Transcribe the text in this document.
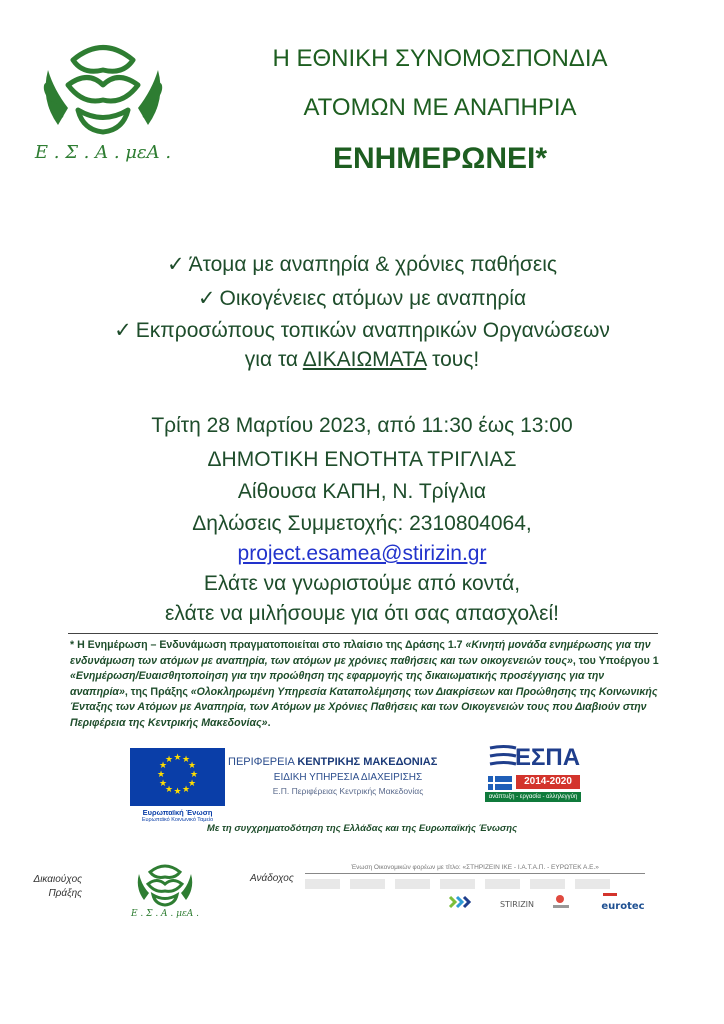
Ε . Σ . Α . μεΑ .
Η ΕΘΝΙΚΗ ΣΥΝΟΜΟΣΠΟΝΔΙΑ
ΑΤΟΜΩΝ ΜΕ ΑΝΑΠΗΡΙΑ
ΕΝΗΜΕΡΩΝΕΙ*
✓ Άτομα με αναπηρία & χρόνιες παθήσεις
✓ Οικογένειες ατόμων με αναπηρία
✓ Εκπροσώπους τοπικών αναπηρικών Οργανώσεων
για τα ΔΙΚΑΙΩΜΑΤΑ τους!
Τρίτη 28 Μαρτίου 2023, από 11:30 έως 13:00
ΔΗΜΟΤΙΚΗ ΕΝΟΤΗΤΑ ΤΡΙΓΛΙΑΣ
Αίθουσα ΚΑΠΗ, Ν. Τρίγλια
Δηλώσεις Συμμετοχής: 2310804064,
project.esamea@stirizin.gr
Ελάτε να γνωριστούμε από κοντά,
ελάτε να μιλήσουμε για ότι σας απασχολεί!
* Η Ενημέρωση – Ενδυνάμωση πραγματοποιείται στο πλαίσιο της Δράσης 1.7 «Κινητή μονάδα ενημέρωσης για την ενδυνάμωση των ατόμων με αναπηρία, των ατόμων με χρόνιες παθήσεις και των οικογενειών τους», του Υποέργου 1 «Ενημέρωση/Ευαισθητοποίηση για την προώθηση της εφαρμογής της δικαιωματικής προσέγγισης για την αναπηρία», της Πράξης «Ολοκληρωμένη Υπηρεσία Καταπολέμησης των Διακρίσεων και Προώθησης της Κοινωνικής Ένταξης των Ατόμων με Αναπηρία, των Ατόμων με Χρόνιες Παθήσεις και των Οικογενειών τους που Διαβιούν στην Περιφέρεια της Κεντρικής Μακεδονίας».
★ ★
★
★
★
★
★
★
★
★
★
★
Ευρωπαϊκή Ένωση
Ευρωπαϊκό Κοινωνικό Ταμείο
ΠΕΡΙΦΕΡΕΙΑ ΚΕΝΤΡΙΚΗΣ ΜΑΚΕΔΟΝΙΑΣ
ΕΙΔΙΚΗ ΥΠΗΡΕΣΙΑ ΔΙΑΧΕΙΡΙΣΗΣ
Ε.Π. Περιφέρειας Κεντρικής Μακεδονίας
ΕΣΠΑ
2014-2020
ανάπτυξη - εργασία - αλληλεγγύη
Με τη συγχρηματοδότηση της Ελλάδας και της Ευρωπαϊκής Ένωσης
Δικαιούχος
Πράξης
Ε . Σ . Α . μεΑ .
Ανάδοχος
Ένωση Οικονομικών φορέων με τίτλο: «ΣΤΗΡΙΖΕΙΝ ΙΚΕ - Ι.Α.Τ.Α.Π. - ΕΥΡΩΤΕΚ Α.Ε.»
STIRIZIN	eurotec
